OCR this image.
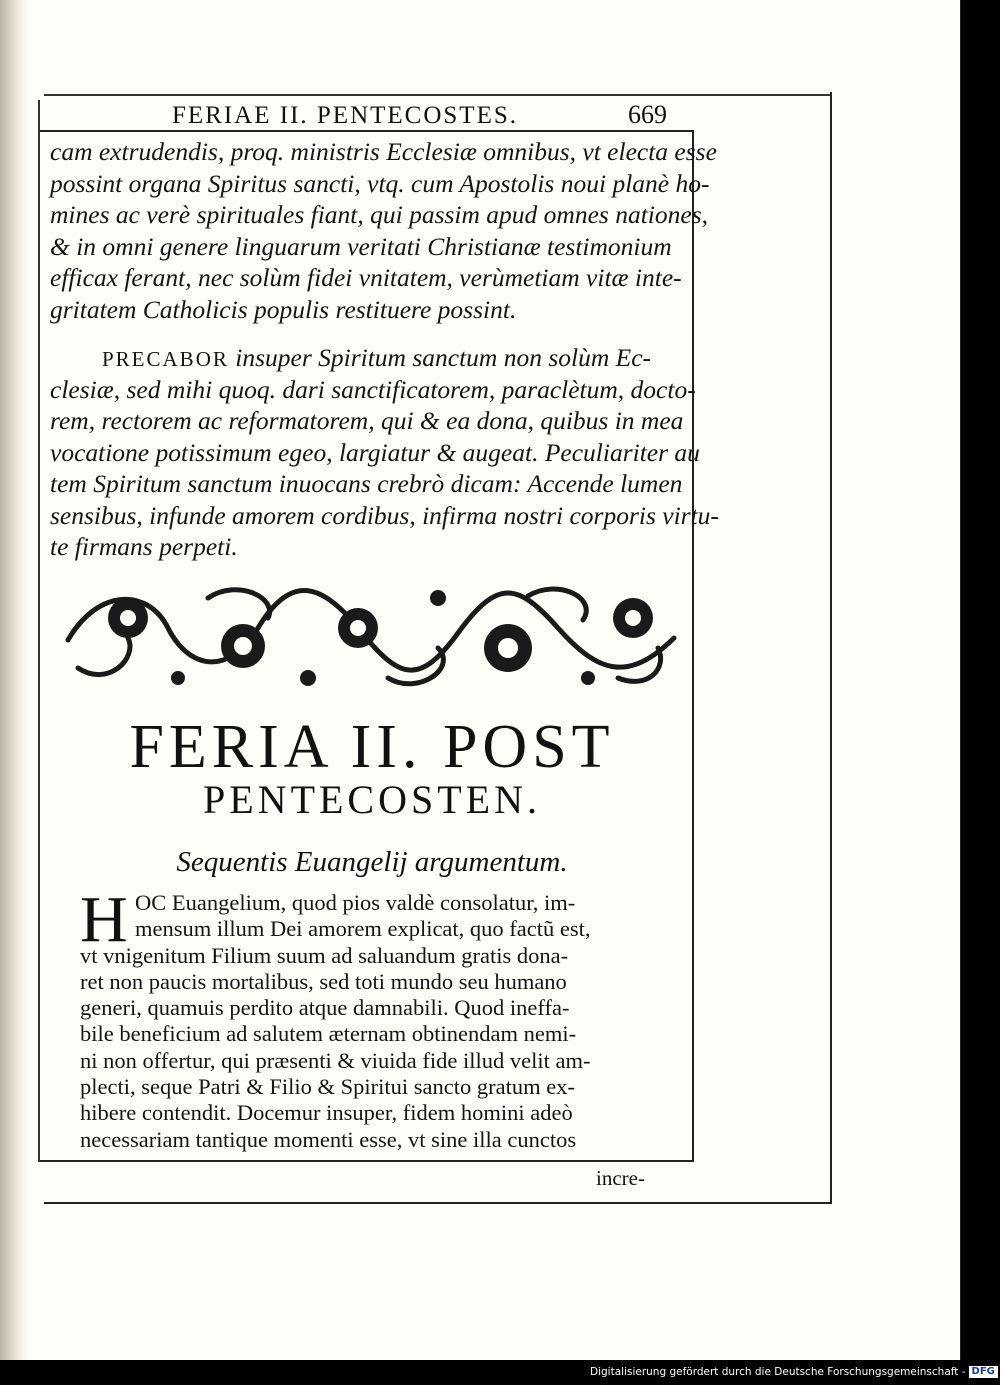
FERIAE II. PENTECOSTES.	669
cam extrudendis, proq. ministris Ecclesiæ omnibus, vt electa esse
possint organa Spiritus sancti, vtq. cum Apostolis noui planè ho-
mines ac verè spirituales fiant, qui passim apud omnes nationes,
& in omni genere linguarum veritati Christianæ testimonium
efficax ferant, nec solùm fidei vnitatem, verùmetiam vitæ inte-
gritatem Catholicis populis restituere possint.
PRECABOR insuper Spiritum sanctum non solùm Ec-
clesiæ, sed mihi quoq. dari sanctificatorem, paraclètum, docto-
rem, rectorem ac reformatorem, qui & ea dona, quibus in mea
vocatione potissimum egeo, largiatur & augeat. Peculiariter au
tem Spiritum sanctum inuocans crebrò dicam: Accende lumen
sensibus, infunde amorem cordibus, infirma nostri corporis virtu-
te firmans perpeti.
FERIA II. POST
PENTECOSTEN.
Sequentis Euangelij argumentum.
H OC Euangelium, quod pios valdè consolatur, im-
mensum illum Dei amorem explicat, quo factũ est,
vt vnigenitum Filium suum ad saluandum gratis dona-
ret non paucis mortalibus, sed toti mundo seu humano
generi, quamuis perdito atque damnabili. Quod ineffa-
bile beneficium ad salutem æternam obtinendam nemi-
ni non offertur, qui præsenti & viuida fide illud velit am-
plecti, seque Patri & Filio & Spiritui sancto gratum ex-
hibere contendit. Docemur insuper, fidem homini adeò
necessariam tantique momenti esse, vt sine illa cunctos
incre-
Digitalisierung gefördert durch die Deutsche Forschungsgemeinschaft - DFG
